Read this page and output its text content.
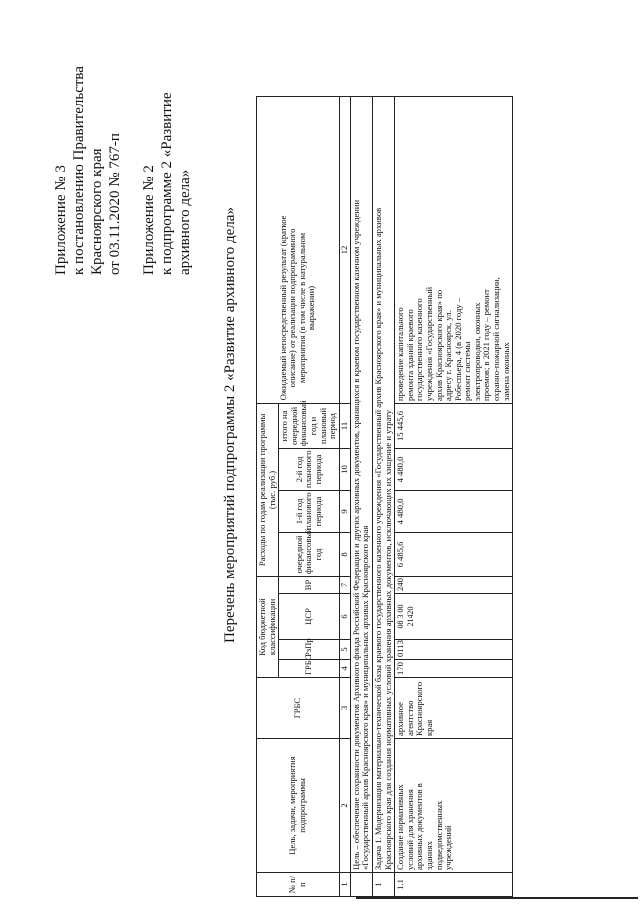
Приложение № 3 к постановлению Правительства Красноярского края от 03.11.2020 № 767-п Приложение № 2 к подпрограмме 2 «Развитие архивного дела» Перечень мероприятий подпрограммы 2 «Развитие архивного дела»
№ п/п	Цель, задачи, мероприятия подпрограммы	ГРБС	Код бюджетной классификации				Расходы по годам реализации программы (тыс. руб.)				Ожидаемый непосредственный результат (краткое описание) от реализации подпрограммного мероприятия (в том числе в натуральном выражении)
			ГРБС	РзПр	ЦСР	ВР	очередной финансовый год	1-й год планового периода	2-й год планового периода	итого на очередной финансовый год и плановый период	

1	2	3	4	5	6	7	8	9	10	11	12
	Цель – обеспечение сохранности документов Архивного фонда Российской Федерации и других архивных документов, хранящихся в краевом государственном казенном учреждении «Государственный архив Красноярского края» и муниципальных архивах Красноярского края										
1	Задача 1. Модернизация материально-технической базы краевого государственного казенного учреждения «Государственный архив Красноярского края» и муниципальных архивов Красноярского края для создания нормативных условий хранения архивных документов, исключающих их хищение и утрату										
1.1	Создание нормативных условий для хранения архивных документов в зданиях подведомственных учреждений	архивное агентство Красноярского края	170	0113	08 3 00 21420	240	6 485,6	4 480,0	4 480,0	15 445,6	проведение капитального ремонта зданий краевого государственного казенного учреждения «Государственный архив Красноярского края» по адресу г. Красноярск, ул. Робеспьера, 4 (в 2020 году – ремонт системы электропроводки, оконных проемов; в 2021 году – ремонт охранно-пожарной сигнализации, замена оконных
